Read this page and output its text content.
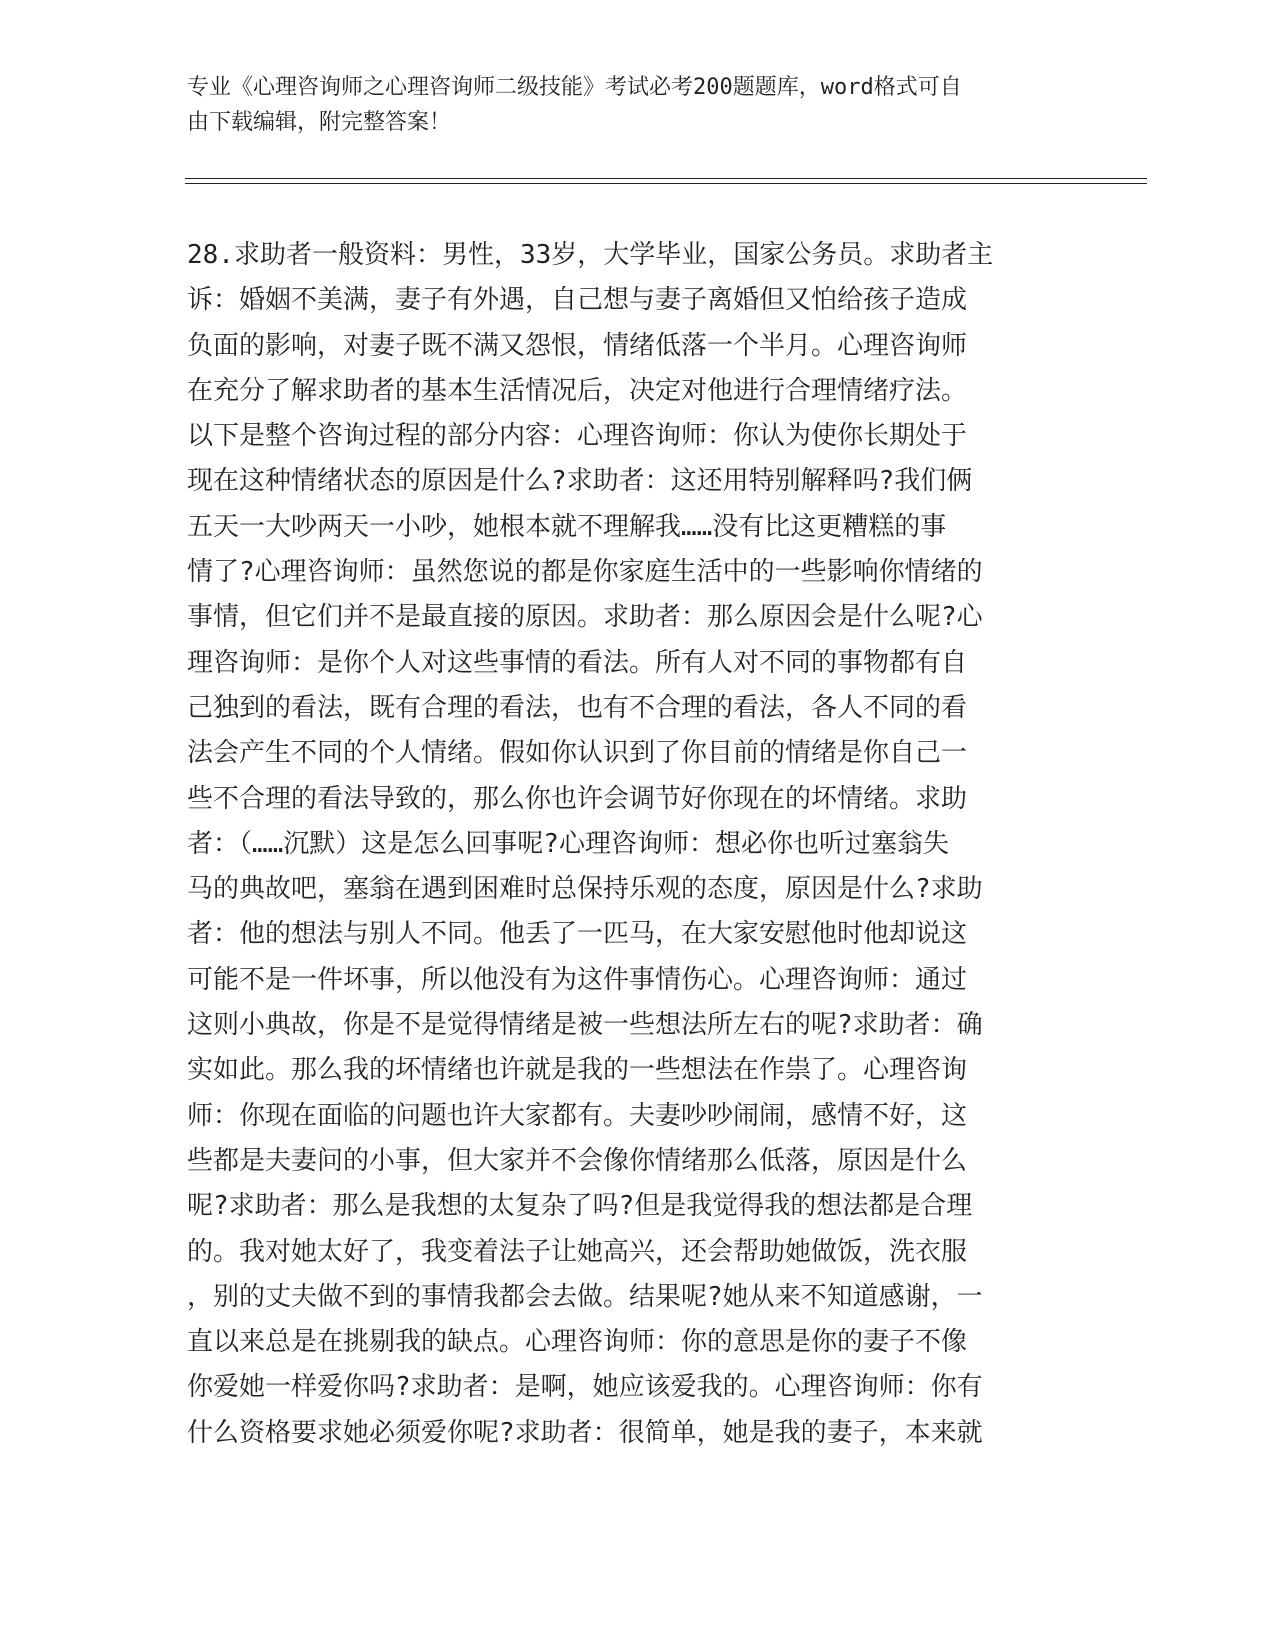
专业《心理咨询师之心理咨询师二级技能》考试必考200题题库，word格式可自
由下载编辑，附完整答案！
28.求助者一般资料：男性，33岁，大学毕业，国家公务员。求助者主
诉：婚姻不美满，妻子有外遇，自己想与妻子离婚但又怕给孩子造成
负面的影响，对妻子既不满又怨恨，情绪低落一个半月。心理咨询师
在充分了解求助者的基本生活情况后，决定对他进行合理情绪疗法。
以下是整个咨询过程的部分内容：心理咨询师：你认为使你长期处于
现在这种情绪状态的原因是什么?求助者：这还用特别解释吗?我们俩
五天一大吵两天一小吵，她根本就不理解我……没有比这更糟糕的事
情了?心理咨询师：虽然您说的都是你家庭生活中的一些影响你情绪的
事情，但它们并不是最直接的原因。求助者：那么原因会是什么呢?心
理咨询师：是你个人对这些事情的看法。所有人对不同的事物都有自
己独到的看法，既有合理的看法，也有不合理的看法，各人不同的看
法会产生不同的个人情绪。假如你认识到了你目前的情绪是你自己一
些不合理的看法导致的，那么你也许会调节好你现在的坏情绪。求助
者：（……沉默）这是怎么回事呢?心理咨询师：想必你也听过塞翁失
马的典故吧，塞翁在遇到困难时总保持乐观的态度，原因是什么?求助
者：他的想法与别人不同。他丢了一匹马，在大家安慰他时他却说这
可能不是一件坏事，所以他没有为这件事情伤心。心理咨询师：通过
这则小典故，你是不是觉得情绪是被一些想法所左右的呢?求助者：确
实如此。那么我的坏情绪也许就是我的一些想法在作祟了。心理咨询
师：你现在面临的问题也许大家都有。夫妻吵吵闹闹，感情不好，这
些都是夫妻问的小事，但大家并不会像你情绪那么低落，原因是什么
呢?求助者：那么是我想的太复杂了吗?但是我觉得我的想法都是合理
的。我对她太好了，我变着法子让她高兴，还会帮助她做饭，洗衣服
，别的丈夫做不到的事情我都会去做。结果呢?她从来不知道感谢，一
直以来总是在挑剔我的缺点。心理咨询师：你的意思是你的妻子不像
你爱她一样爱你吗?求助者：是啊，她应该爱我的。心理咨询师：你有
什么资格要求她必须爱你呢?求助者：很简单，她是我的妻子，本来就
